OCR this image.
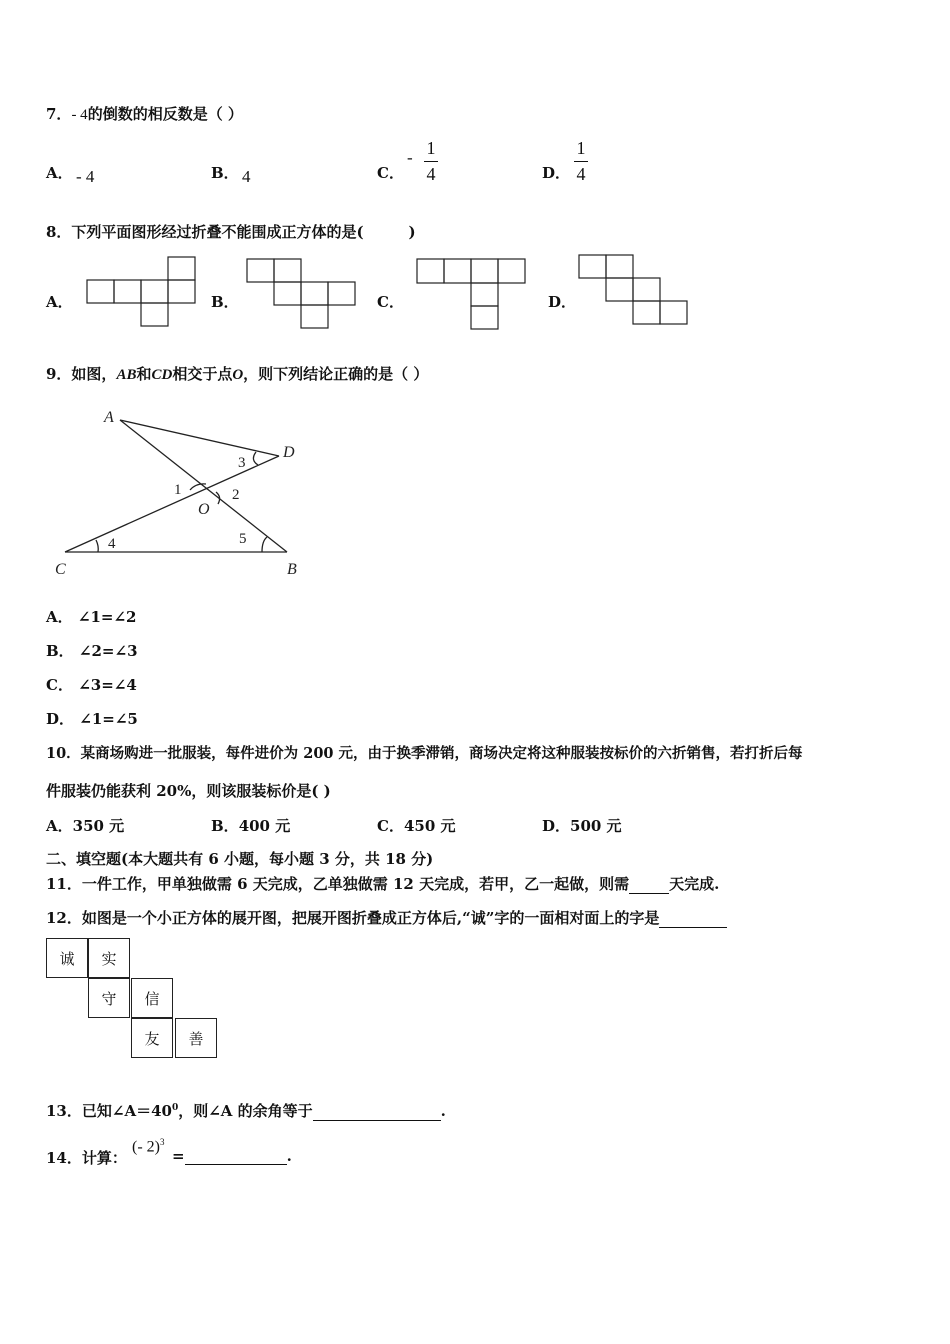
7．- 4的倒数的相反数是（ ）
A． - 4	B． 4	C．
- 1
4	D．
1
4
8．下列平面图形经过折叠不能围成正方体的是(　　　)
A．	B．	C．	D．
9．如图，AB和CD相交于点O，则下列结论正确的是（ ）
A
D
O
C	B
1	2
3
4	5
A． ∠1=∠2
B． ∠2=∠3
C． ∠3=∠4
D． ∠1=∠5
10．某商场购进一批服装，每件进价为 200 元，由于换季滞销，商场决定将这种服装按标价的六折销售，若打折后每
件服装仍能获利 20%，则该服装标价是( )
A．350 元	B．400 元	C．450 元	D．500 元
二、填空题(本大题共有 6 小题，每小题 3 分，共 18 分)
11．一件工作，甲单独做需 6 天完成，乙单独做需 12 天完成，若甲，乙一起做，则需	天完成.
12．如图是一个小正方体的展开图，把展开图折叠成正方体后,“诚”字的一面相对面上的字是
诚	实
守	信
友	善
13．已知$\angle A=40^0$，则∠A 的余角等于	.
14．计算：
(- 2)$^3$
=	.
